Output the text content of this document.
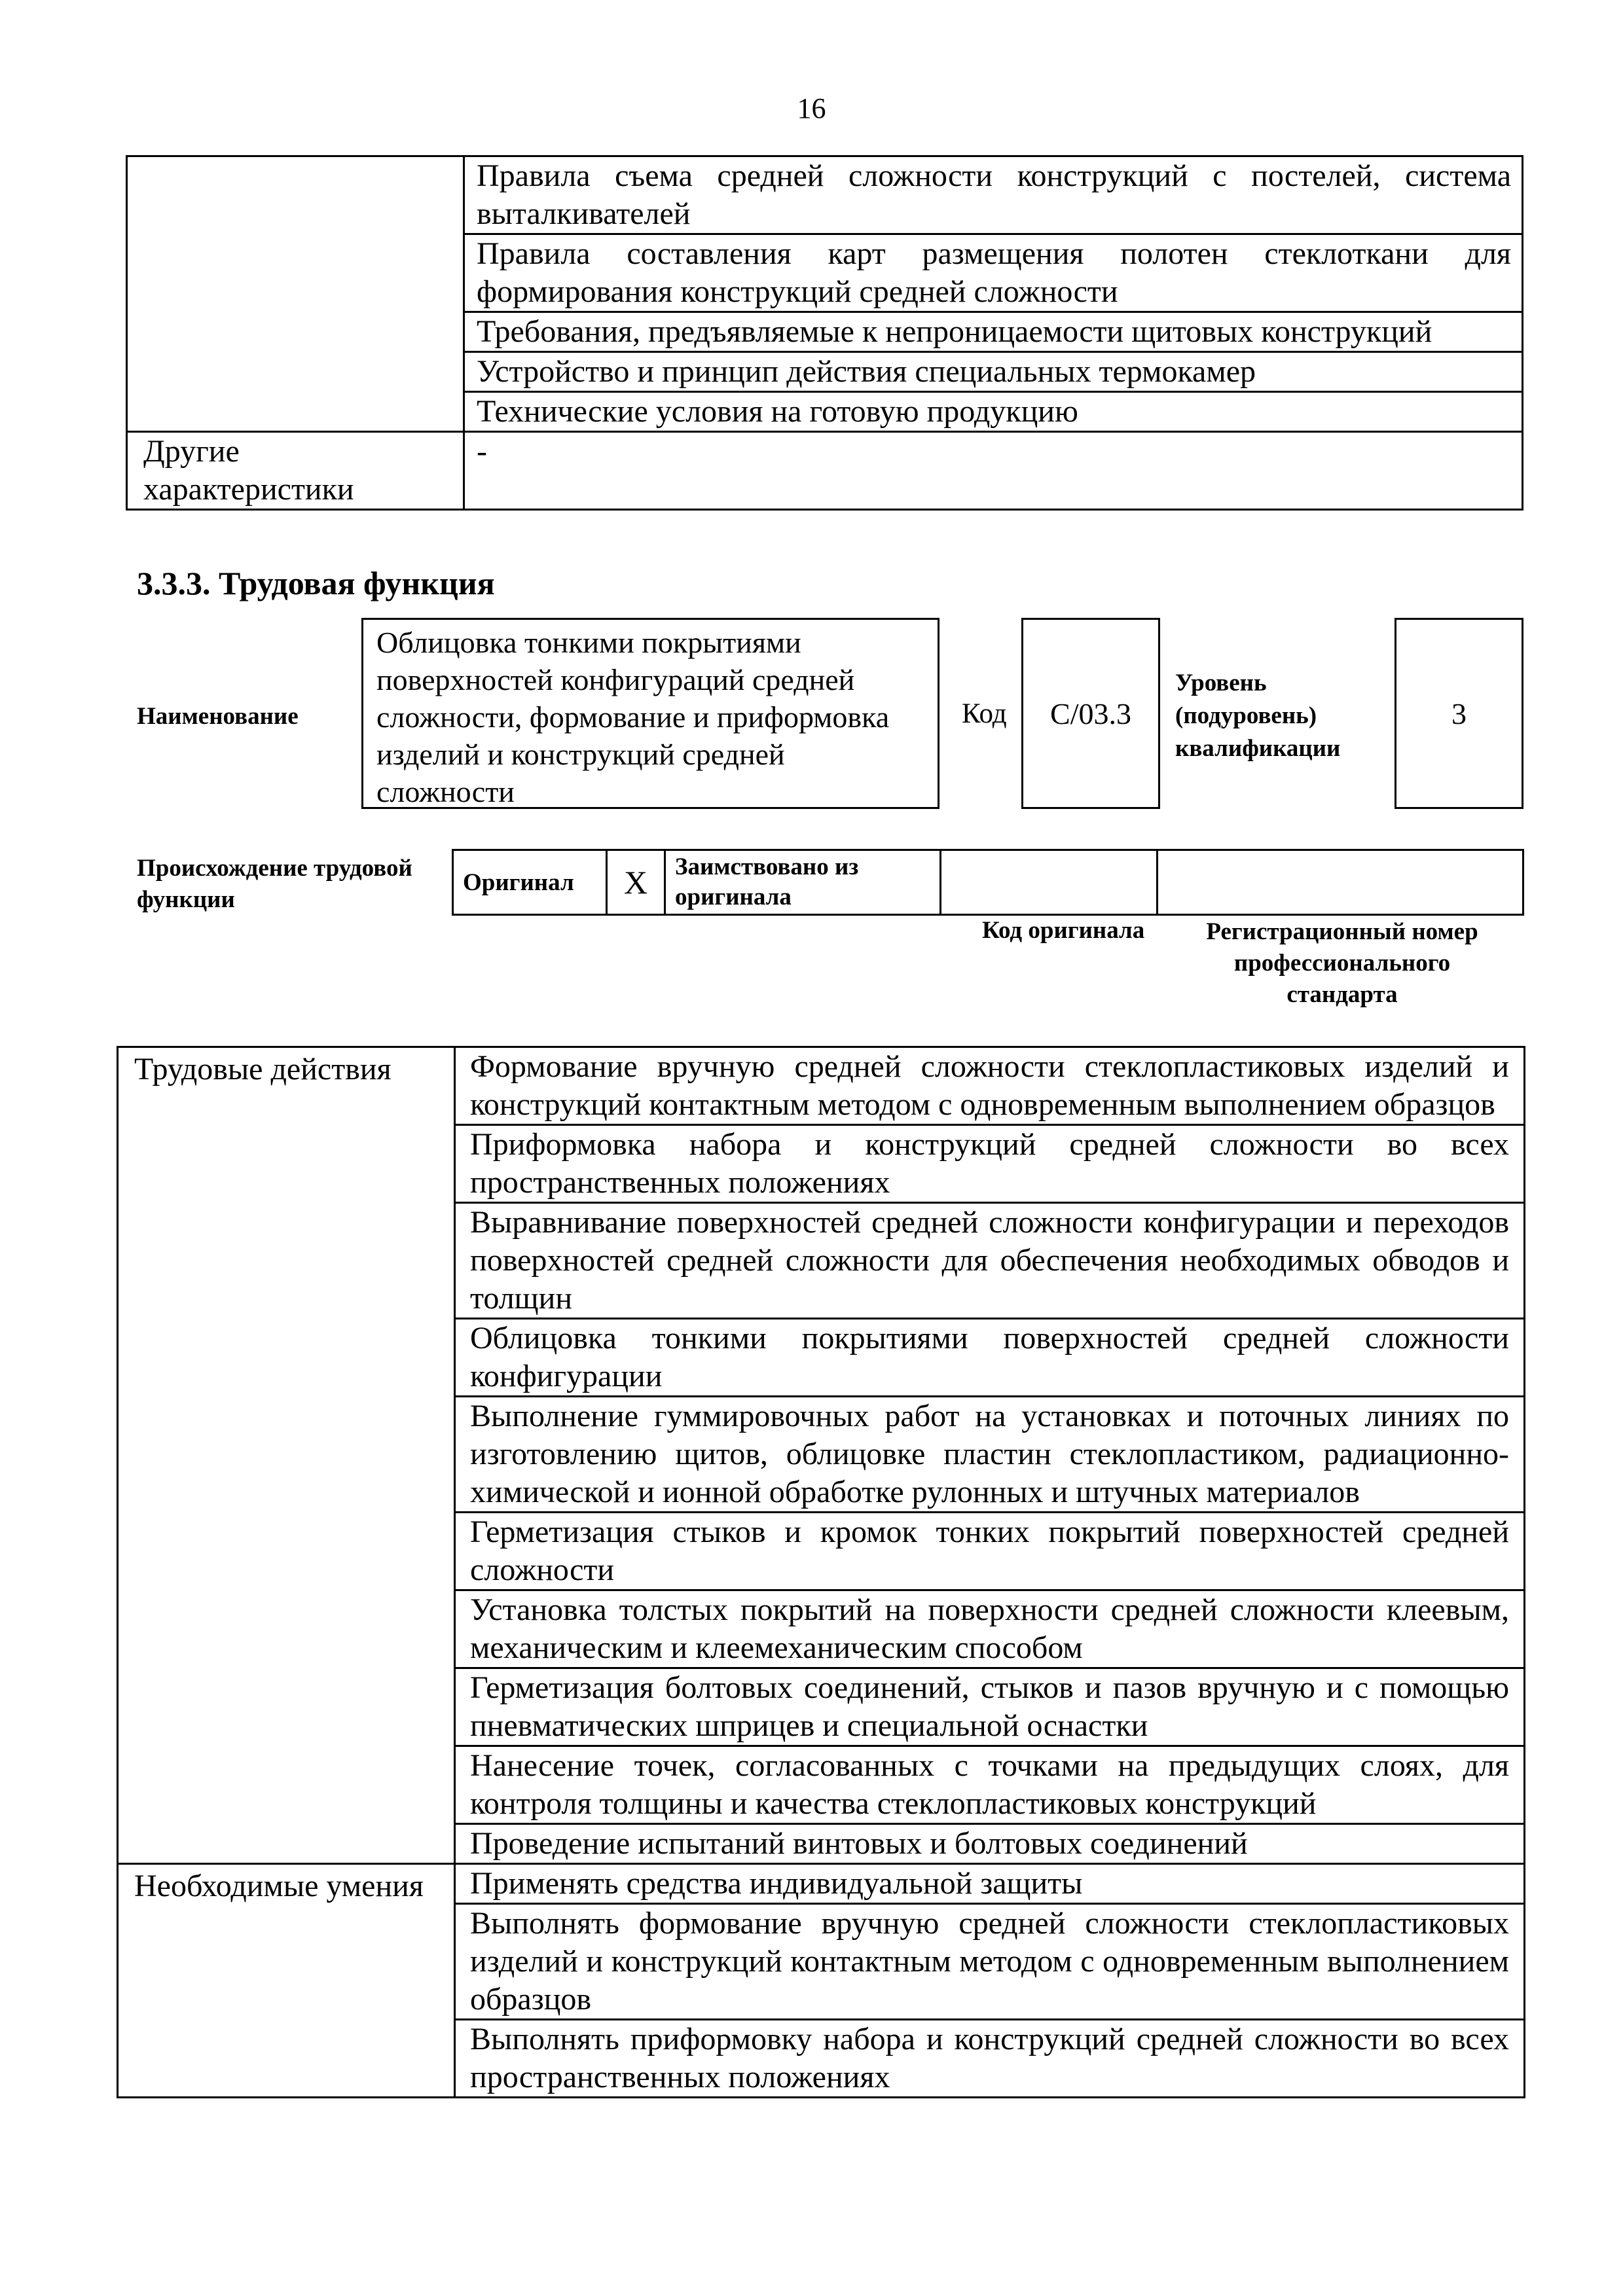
16
	Правила съема средней сложности конструкций с постелей, система выталкивателей
	Правила составления карт размещения полотен стеклоткани для формирования конструкций средней сложности
	Требования, предъявляемые к непроницаемости щитовых конструкций
	Устройство и принцип действия специальных термокамер
	Технические условия на готовую продукцию
Другие характеристики	-
3.3.3. Трудовая функция
Наименование
Облицовка тонкими покрытиями поверхностей конфигураций средней сложности, формование и приформовка изделий и конструкций средней сложности
Код C/03.3
Уровень (подуровень) квалификации
3
Происхождение трудовой функции
Оригинал	X	Заимствовано из оригинала		
Код оригинала	Регистрационный номер профессионального стандарта
Трудовые действия	Формование вручную средней сложности стеклопластиковых изделий и конструкций контактным методом с одновременным выполнением образцов
	Приформовка набора и конструкций средней сложности во всех пространственных положениях
	Выравнивание поверхностей средней сложности конфигурации и переходов поверхностей средней сложности для обеспечения необходимых обводов и толщин
	Облицовка тонкими покрытиями поверхностей средней сложности конфигурации
	Выполнение гуммировочных работ на установках и поточных линиях по изготовлению щитов, облицовке пластин стеклопластиком, радиационно-химической и ионной обработке рулонных и штучных материалов
	Герметизация стыков и кромок тонких покрытий поверхностей средней сложности
	Установка толстых покрытий на поверхности средней сложности клеевым, механическим и клеемеханическим способом
	Герметизация болтовых соединений, стыков и пазов вручную и с помощью пневматических шприцев и специальной оснастки
	Нанесение точек, согласованных с точками на предыдущих слоях, для контроля толщины и качества стеклопластиковых конструкций
	Проведение испытаний винтовых и болтовых соединений
Необходимые умения	Применять средства индивидуальной защиты
	Выполнять формование вручную средней сложности стеклопластиковых изделий и конструкций контактным методом с одновременным выполнением образцов
	Выполнять приформовку набора и конструкций средней сложности во всех пространственных положениях
